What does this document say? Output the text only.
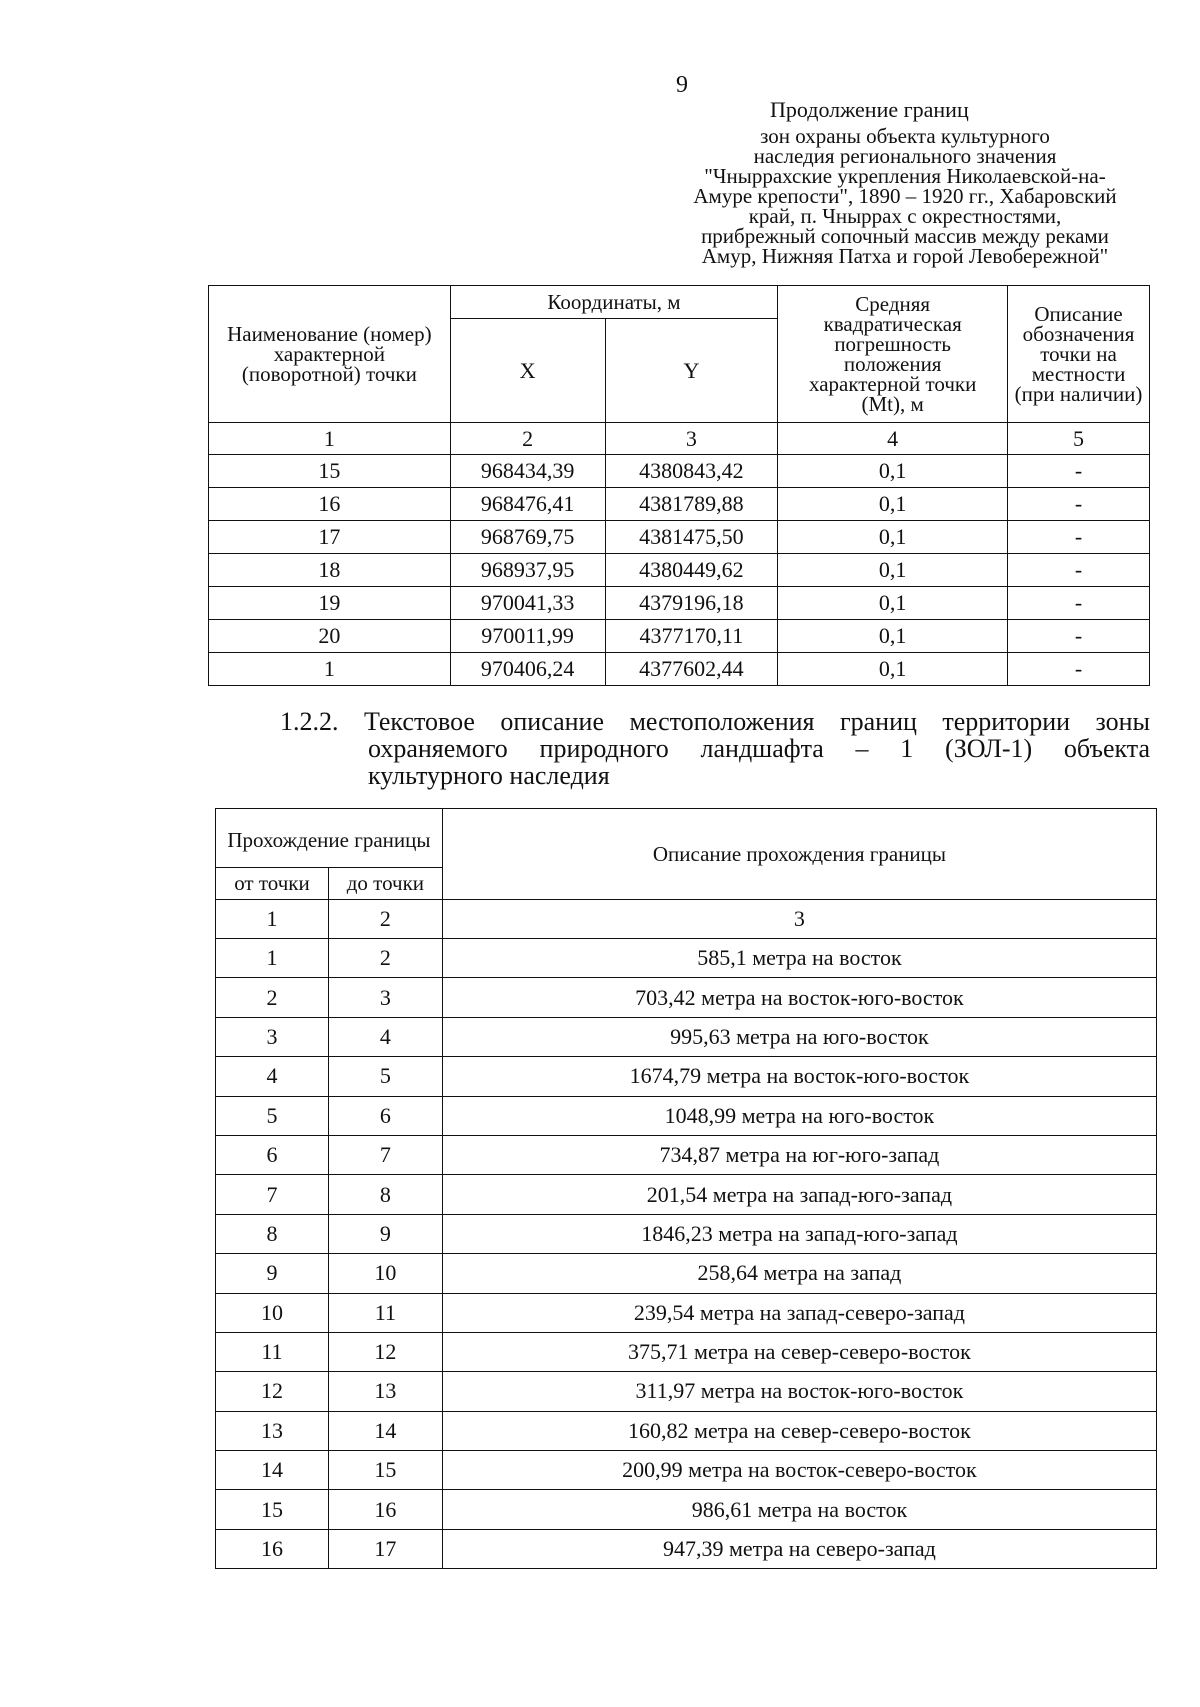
9
Продолжение границ
зон охраны объекта культурного
наследия регионального значения
"Чныррахские укрепления Николаевской-на-
Амуре крепости", 1890 – 1920 гг., Хабаровский
край, п. Чныррах с окрестностями,
прибрежный сопочный массив между реками
Амур, Нижняя Патха и горой Левобережной"
Наименование (номер) характерной (поворотной) точки	Координаты, м		Средняя квадратическая погрешность положения характерной точки (Mt), м	Описание обозначения точки на местности (при наличии)
	X	Y		
1	2	3	4	5
15	968434,39	4380843,42	0,1	-
16	968476,41	4381789,88	0,1	-
17	968769,75	4381475,50	0,1	-
18	968937,95	4380449,62	0,1	-
19	970041,33	4379196,18	0,1	-
20	970011,99	4377170,11	0,1	-
1	970406,24	4377602,44	0,1	-
1.2.2. Текстовое описание местоположения границ территории зоны
охраняемого природного ландшафта – 1 (ЗОЛ-1) объекта
культурного наследия
Прохождение границы		Описание прохождения границы
от точки	до точки	
1	2	3
1	2	585,1 метра на восток
2	3	703,42 метра на восток-юго-восток
3	4	995,63 метра на юго-восток
4	5	1674,79 метра на восток-юго-восток
5	6	1048,99 метра на юго-восток
6	7	734,87 метра на юг-юго-запад
7	8	201,54 метра на запад-юго-запад
8	9	1846,23 метра на запад-юго-запад
9	10	258,64 метра на запад
10	11	239,54 метра на запад-северо-запад
11	12	375,71 метра на север-северо-восток
12	13	311,97 метра на восток-юго-восток
13	14	160,82 метра на север-северо-восток
14	15	200,99 метра на восток-северо-восток
15	16	986,61 метра на восток
16	17	947,39 метра на северо-запад
